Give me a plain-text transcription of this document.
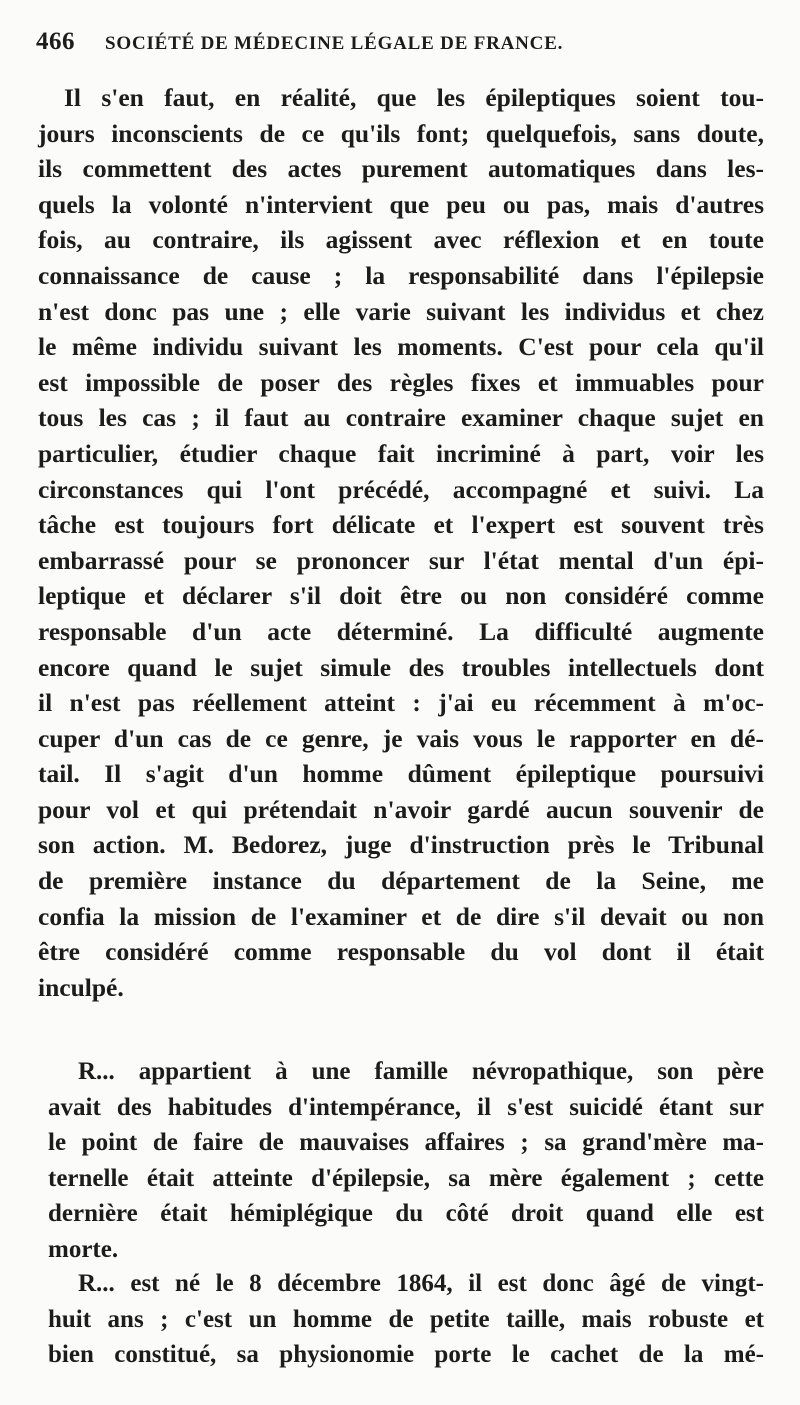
466 SOCIÉTÉ DE MÉDECINE LÉGALE DE FRANCE.
Il s'en faut, en réalité, que les épileptiques soient tou-
jours inconscients de ce qu'ils font; quelquefois, sans doute,
ils commettent des actes purement automatiques dans les-
quels la volonté n'intervient que peu ou pas, mais d'autres
fois, au contraire, ils agissent avec réflexion et en toute
connaissance de cause ; la responsabilité dans l'épilepsie
n'est donc pas une ; elle varie suivant les individus et chez
le même individu suivant les moments. C'est pour cela qu'il
est impossible de poser des règles fixes et immuables pour
tous les cas ; il faut au contraire examiner chaque sujet en
particulier, étudier chaque fait incriminé à part, voir les
circonstances qui l'ont précédé, accompagné et suivi. La
tâche est toujours fort délicate et l'expert est souvent très
embarrassé pour se prononcer sur l'état mental d'un épi-
leptique et déclarer s'il doit être ou non considéré comme
responsable d'un acte déterminé. La difficulté augmente
encore quand le sujet simule des troubles intellectuels dont
il n'est pas réellement atteint : j'ai eu récemment à m'oc-
cuper d'un cas de ce genre, je vais vous le rapporter en dé-
tail. Il s'agit d'un homme dûment épileptique poursuivi
pour vol et qui prétendait n'avoir gardé aucun souvenir de
son action. M. Bedorez, juge d'instruction près le Tribunal
de première instance du département de la Seine, me
confia la mission de l'examiner et de dire s'il devait ou non
être considéré comme responsable du vol dont il était
inculpé.
R... appartient à une famille névropathique, son père
avait des habitudes d'intempérance, il s'est suicidé étant sur
le point de faire de mauvaises affaires ; sa grand'mère ma-
ternelle était atteinte d'épilepsie, sa mère également ; cette
dernière était hémiplégique du côté droit quand elle est
morte.
R... est né le 8 décembre 1864, il est donc âgé de vingt-
huit ans ; c'est un homme de petite taille, mais robuste et
bien constitué, sa physionomie porte le cachet de la mé-
